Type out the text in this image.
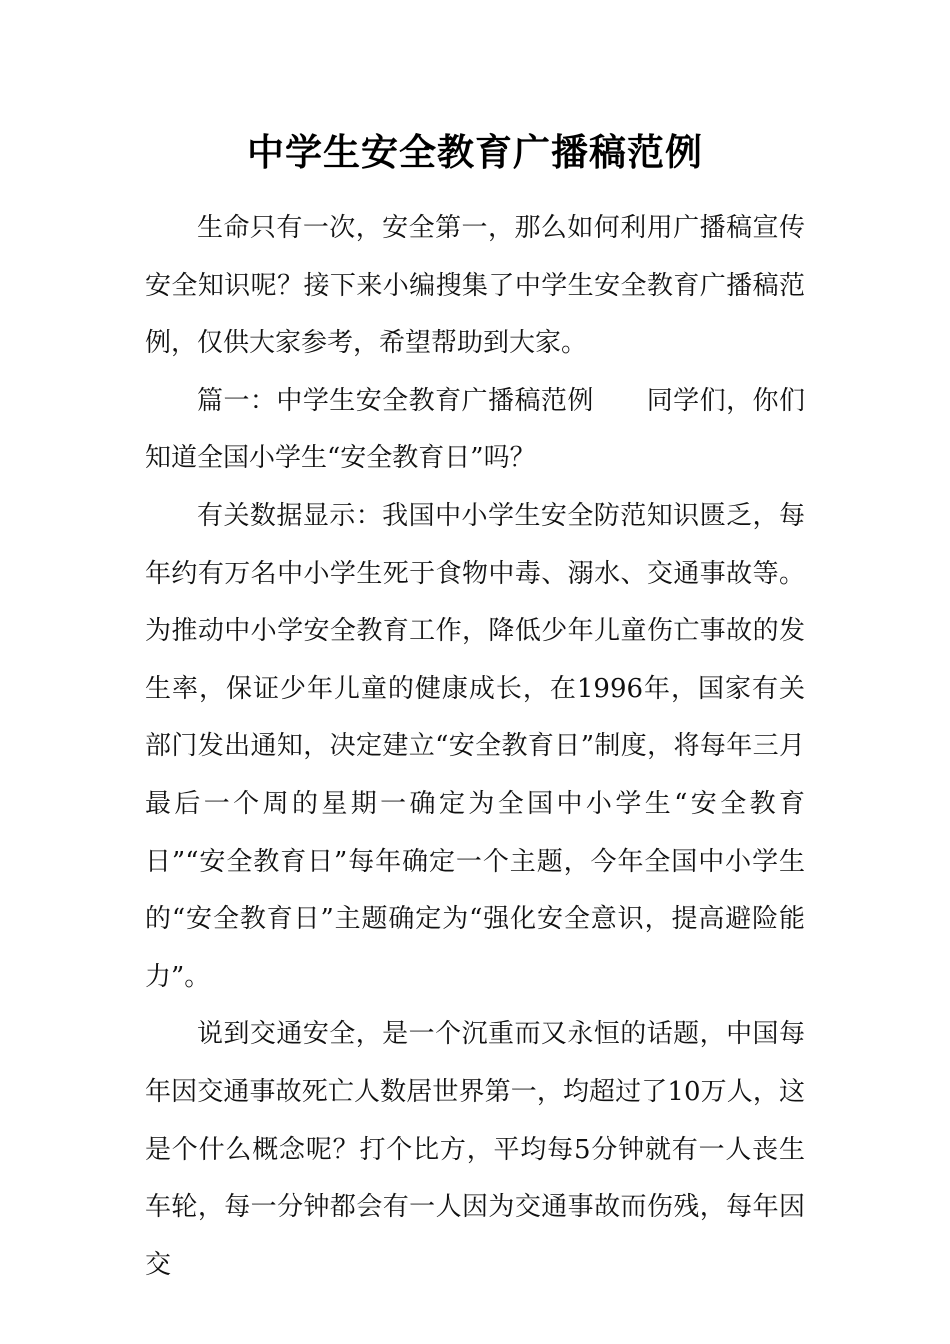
中学生安全教育广播稿范例

生命只有一次，安全第一，那么如何利用广播稿宣传安全知识呢？接下来小编搜集了中学生安全教育广播稿范例，仅供大家参考，希望帮助到大家。

篇一：中学生安全教育广播稿范例　　同学们，你们知道全国小学生“安全教育日”吗？

有关数据显示：我国中小学生安全防范知识匮乏，每年约有万名中小学生死于食物中毒、溺水、交通事故等。为推动中小学安全教育工作，降低少年儿童伤亡事故的发生率，保证少年儿童的健康成长，在1996年，国家有关部门发出通知，决定建立“安全教育日”制度，将每年三月最后一个周的星期一确定为全国中小学生“安全教育日”“安全教育日”每年确定一个主题，今年全国中小学生的“安全教育日”主题确定为“强化安全意识，提高避险能力”。

说到交通安全，是一个沉重而又永恒的话题，中国每年因交通事故死亡人数居世界第一，均超过了10万人，这是个什么概念呢？打个比方，平均每5分钟就有一人丧生车轮，每一分钟都会有一人因为交通事故而伤残，每年因交
